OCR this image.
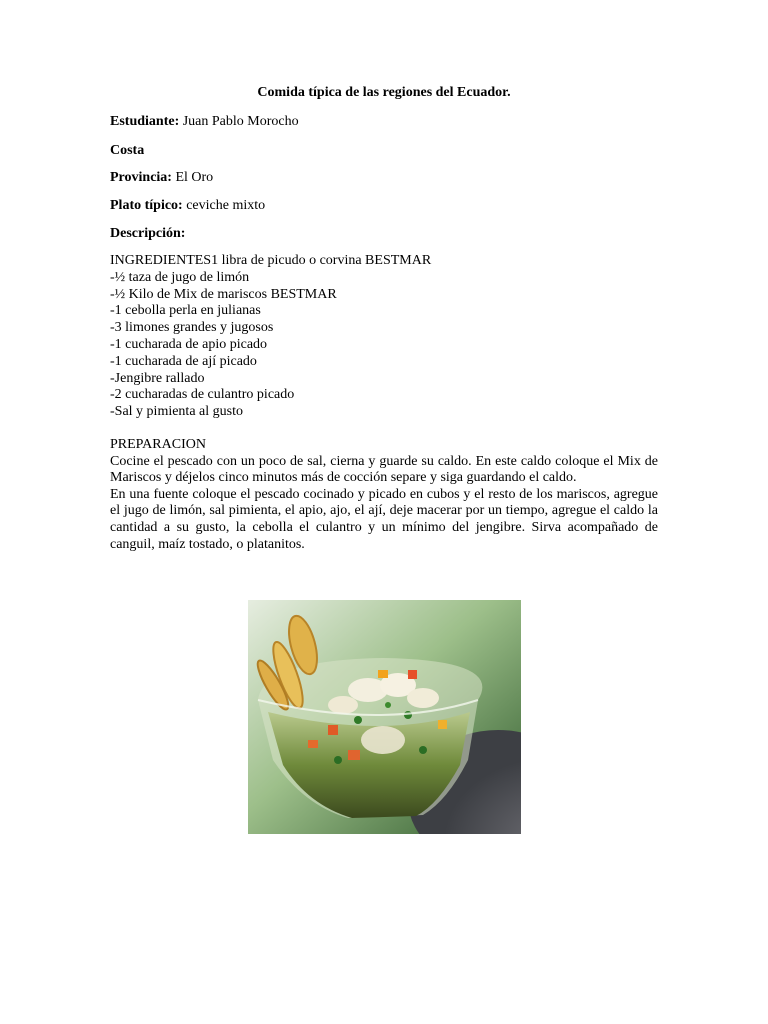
Comida típica de las regiones del Ecuador.
Estudiante: Juan Pablo Morocho
Costa
Provincia: El Oro
Plato típico: ceviche mixto
Descripción:
INGREDIENTES1 libra de picudo o corvina BESTMAR
-½ taza de jugo de limón
-½ Kilo de Mix de mariscos BESTMAR
-1 cebolla perla en julianas
-3 limones grandes y jugosos
-1 cucharada de apio picado
-1 cucharada de ají picado
-Jengibre rallado
-2 cucharadas de culantro picado
-Sal y pimienta al gusto

PREPARACION

Cocine el pescado con un poco de sal, cierna y guarde su caldo. En este caldo coloque el Mix de Mariscos y déjelos cinco minutos más de cocción separe y siga guardando el caldo.

En una fuente coloque el pescado cocinado y picado en cubos y el resto de los mariscos, agregue el jugo de limón, sal pimienta, el apio, ajo, el ají, deje macerar por un tiempo, agregue el caldo la cantidad a su gusto, la cebolla el culantro y un mínimo del jengibre. Sirva acompañado de canguil, maíz tostado, o platanitos.
